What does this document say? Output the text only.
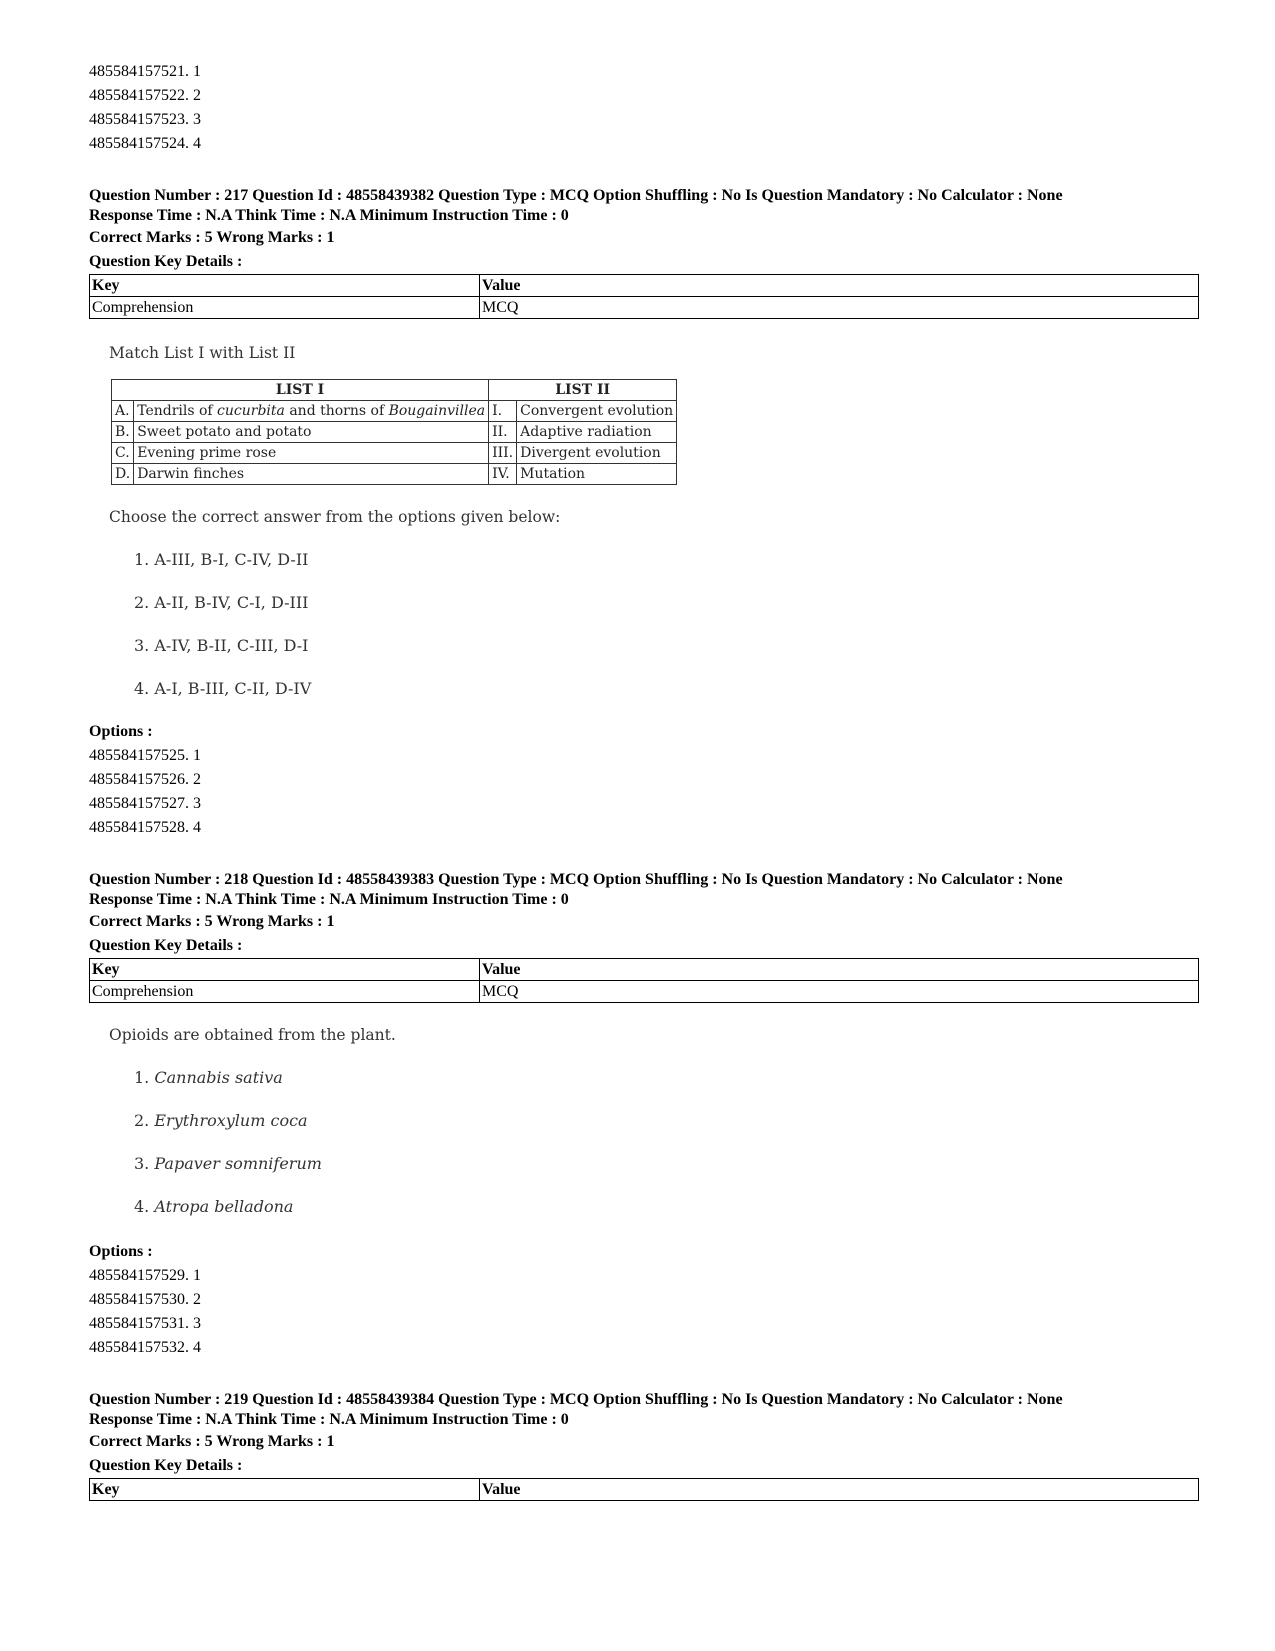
485584157521. 1
485584157522. 2
485584157523. 3
485584157524. 4
Question Number : 217 Question Id : 48558439382 Question Type : MCQ Option Shuffling : No Is Question Mandatory : No Calculator : None
Response Time : N.A Think Time : N.A Minimum Instruction Time : 0
Correct Marks : 5 Wrong Marks : 1
Question Key Details :
Key	Value
Comprehension	MCQ
Match List I with List II
LIST I		LIST II	
A.	Tendrils of cucurbita and thorns of Bougainvillea	I.	Convergent evolution
B.	Sweet potato and potato	II.	Adaptive radiation
C.	Evening prime rose	III.	Divergent evolution
D.	Darwin finches	IV.	Mutation
Choose the correct answer from the options given below:
1. A-III, B-I, C-IV, D-II
2. A-II, B-IV, C-I, D-III
3. A-IV, B-II, C-III, D-I
4. A-I, B-III, C-II, D-IV
Options :
485584157525. 1
485584157526. 2
485584157527. 3
485584157528. 4
Question Number : 218 Question Id : 48558439383 Question Type : MCQ Option Shuffling : No Is Question Mandatory : No Calculator : None
Response Time : N.A Think Time : N.A Minimum Instruction Time : 0
Correct Marks : 5 Wrong Marks : 1
Question Key Details :
Key	Value
Comprehension	MCQ
Opioids are obtained from the plant.
1. Cannabis sativa
2. Erythroxylum coca
3. Papaver somniferum
4. Atropa belladona
Options :
485584157529. 1
485584157530. 2
485584157531. 3
485584157532. 4
Question Number : 219 Question Id : 48558439384 Question Type : MCQ Option Shuffling : No Is Question Mandatory : No Calculator : None
Response Time : N.A Think Time : N.A Minimum Instruction Time : 0
Correct Marks : 5 Wrong Marks : 1
Question Key Details :
Key	Value
